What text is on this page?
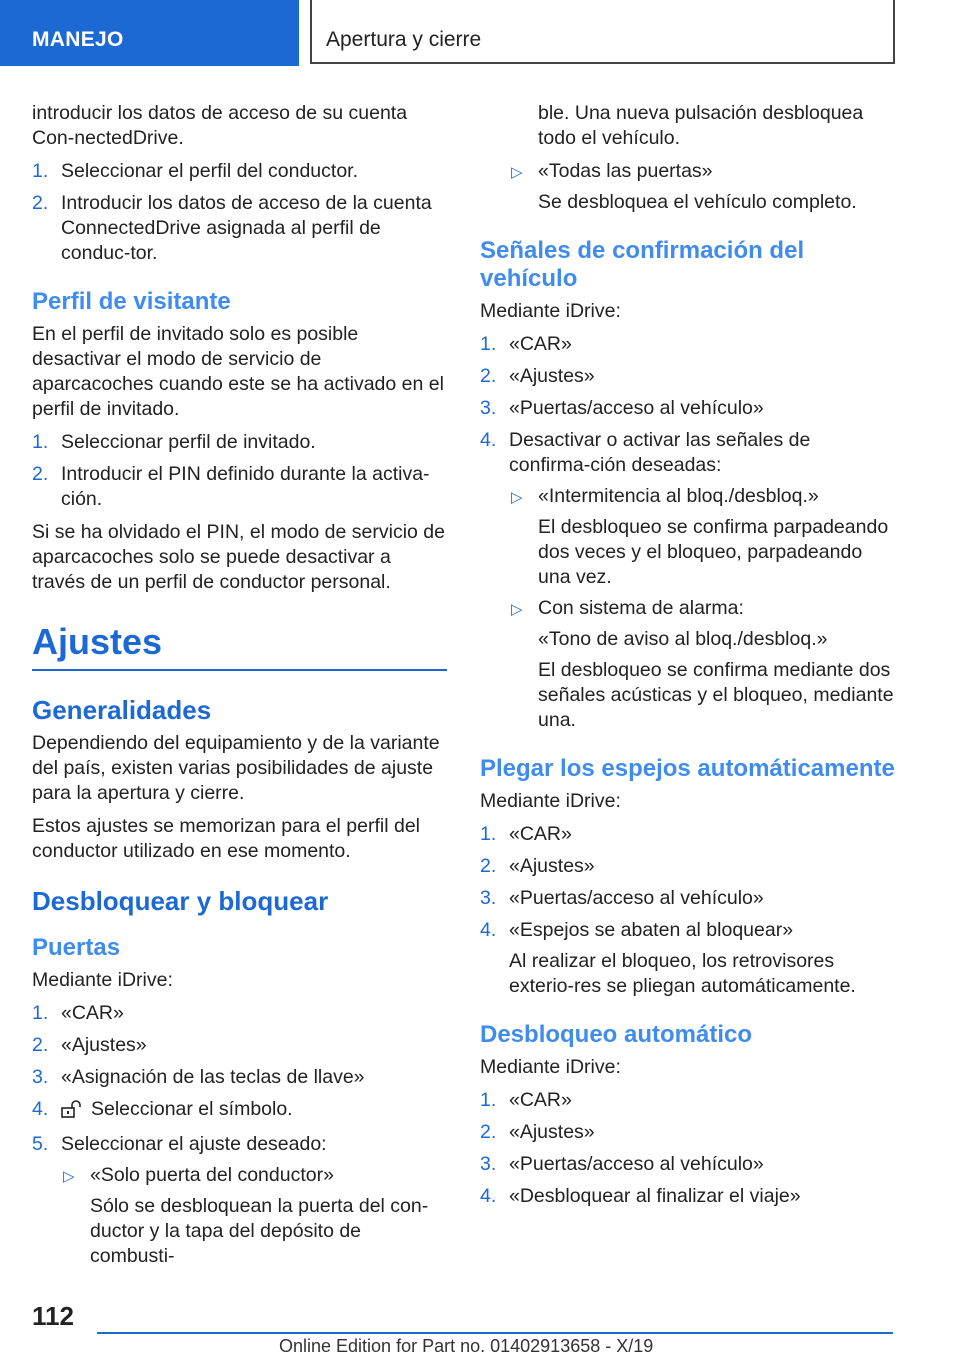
MANEJO	Apertura y cierre

introducir los datos de acceso de su cuenta Con-nectedDrive.

1. Seleccionar el perfil del conductor.
2. Introducir los datos de acceso de la cuenta ConnectedDrive asignada al perfil de conduc-tor.
Perfil de visitante

En el perfil de invitado solo es posible desactivar el modo de servicio de aparcacoches cuando este se ha activado en el perfil de invitado.

1. Seleccionar perfil de invitado.
2. Introducir el PIN definido durante la activa-ción.

Si se ha olvidado el PIN, el modo de servicio de aparcacoches solo se puede desactivar a través de un perfil de conductor personal.

Ajustes
Generalidades

Dependiendo del equipamiento y de la variante del país, existen varias posibilidades de ajuste para la apertura y cierre.

Estos ajustes se memorizan para el perfil del conductor utilizado en ese momento.

Desbloquear y bloquear
Puertas

Mediante iDrive:

1. «CAR»
2. «Ajustes»
3. «Asignación de las teclas de llave»
4. Seleccionar el símbolo.
5. Seleccionar el ajuste deseado:
▷ «Solo puerta del conductor»

Sólo se desbloquean la puerta del con-ductor y la tapa del depósito de combusti-

ble. Una nueva pulsación desbloquea todo el vehículo.

▷ «Todas las puertas»

Se desbloquea el vehículo completo.

Señales de confirmación del vehículo

Mediante iDrive:

1. «CAR»
2. «Ajustes»
3. «Puertas/acceso al vehículo»
4. Desactivar o activar las señales de confirma-ción deseadas:
▷ «Intermitencia al bloq./desbloq.»

El desbloqueo se confirma parpadeando dos veces y el bloqueo, parpadeando una vez.

▷ Con sistema de alarma:

«Tono de aviso al bloq./desbloq.»

El desbloqueo se confirma mediante dos señales acústicas y el bloqueo, mediante una.

Plegar los espejos automáticamente

Mediante iDrive:

1. «CAR»
2. «Ajustes»
3. «Puertas/acceso al vehículo»
4. «Espejos se abaten al bloquear»

Al realizar el bloqueo, los retrovisores exterio-res se pliegan automáticamente.

Desbloqueo automático

Mediante iDrive:

1. «CAR»
2. «Ajustes»
3. «Puertas/acceso al vehículo»
4. «Desbloquear al finalizar el viaje»
112
Online Edition for Part no. 01402913658 - X/19
